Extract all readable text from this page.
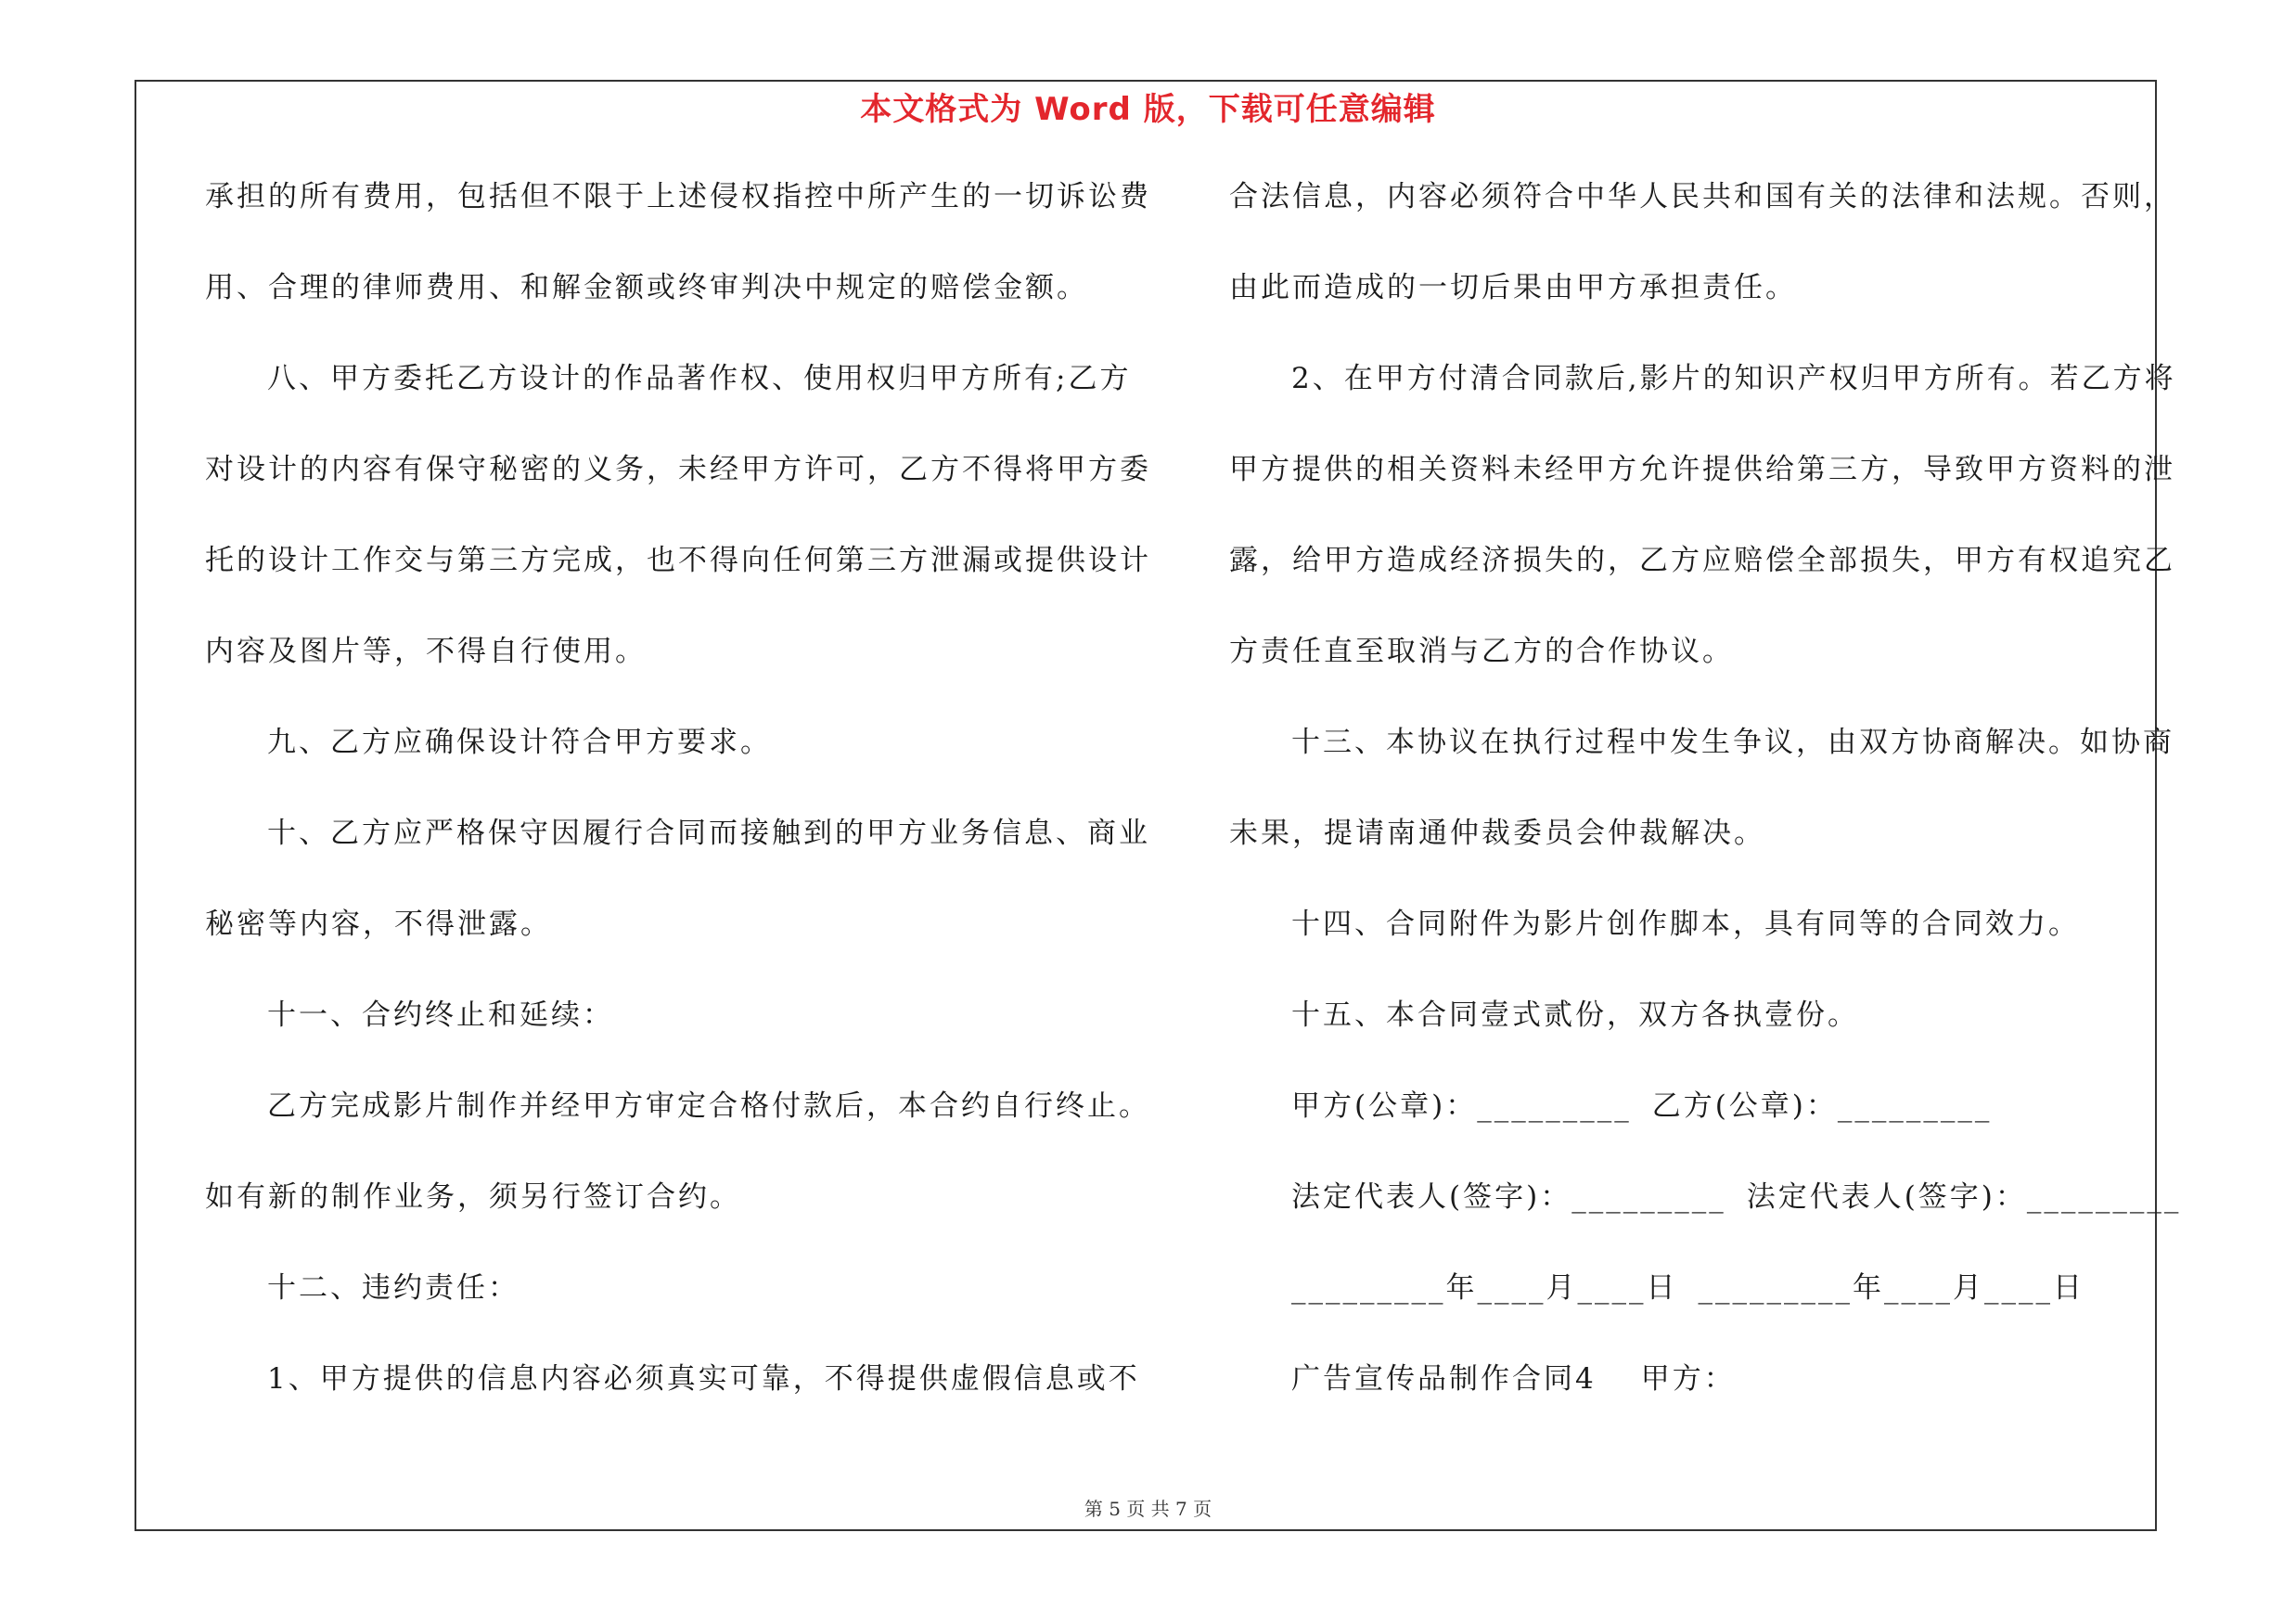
本文格式为 Word 版，下载可任意编辑
承担的所有费用，包括但不限于上述侵权指控中所产生的一切诉讼费
用、合理的律师费用、和解金额或终审判决中规定的赔偿金额。
八、甲方委托乙方设计的作品著作权、使用权归甲方所有;乙方
对设计的内容有保守秘密的义务，未经甲方许可，乙方不得将甲方委
托的设计工作交与第三方完成，也不得向任何第三方泄漏或提供设计
内容及图片等，不得自行使用。
九、乙方应确保设计符合甲方要求。
十、乙方应严格保守因履行合同而接触到的甲方业务信息、商业
秘密等内容，不得泄露。
十一、合约终止和延续：
乙方完成影片制作并经甲方审定合格付款后，本合约自行终止。
如有新的制作业务，须另行签订合约。
十二、违约责任：
1、甲方提供的信息内容必须真实可靠，不得提供虚假信息或不
合法信息，内容必须符合中华人民共和国有关的法律和法规。否则，
由此而造成的一切后果由甲方承担责任。
2、在甲方付清合同款后,影片的知识产权归甲方所有。若乙方将
甲方提供的相关资料未经甲方允许提供给第三方，导致甲方资料的泄
露，给甲方造成经济损失的，乙方应赔偿全部损失，甲方有权追究乙
方责任直至取消与乙方的合作协议。
十三、本协议在执行过程中发生争议，由双方协商解决。如协商
未果，提请南通仲裁委员会仲裁解决。
十四、合同附件为影片创作脚本，具有同等的合同效力。
十五、本合同壹式贰份，双方各执壹份。
甲方(公章)：_________ 乙方(公章)：_________
法定代表人(签字)：_________ 法定代表人(签字)：_________
_________年____月____日 _________年____月____日
广告宣传品制作合同4 甲方：
第 5 页 共 7 页
